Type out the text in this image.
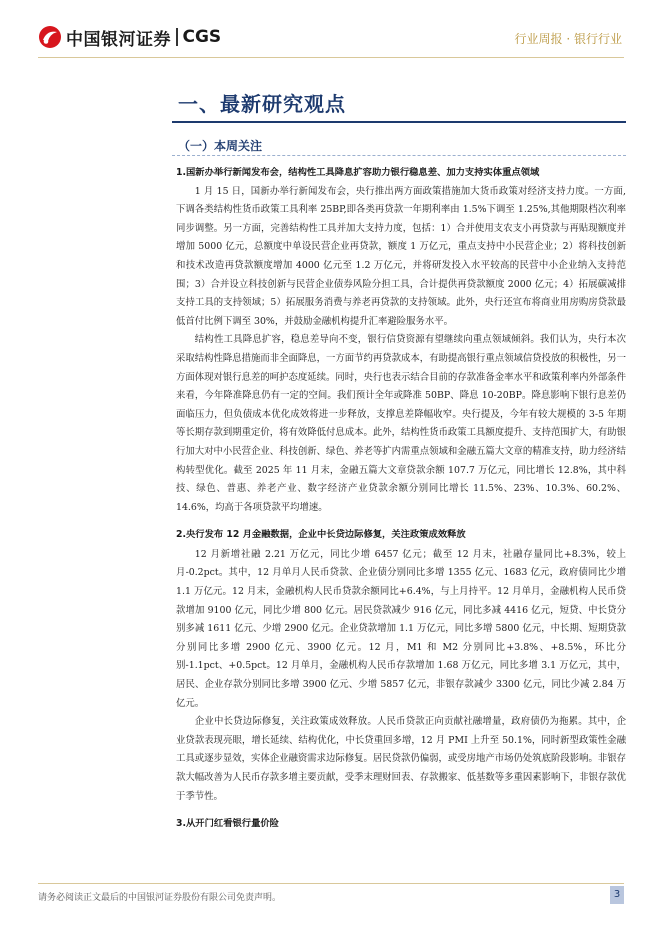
中国银河证券 CGS	行业周报 · 银行行业
一、最新研究观点
（一）本周关注
1.国新办举行新闻发布会，结构性工具降息扩容助力银行稳息差、加力支持实体重点领域

1 月 15 日，国新办举行新闻发布会，央行推出两方面政策措施加大货币政策对经济支持力度。一方面,下调各类结构性货币政策工具利率 25BP,即各类再贷款一年期利率由 1.5%下调至 1.25%,其他期限档次利率同步调整。另一方面，完善结构性工具并加大支持力度，包括：1）合并使用支农支小再贷款与再贴现额度并增加 5000 亿元，总额度中单设民营企业再贷款，额度 1 万亿元，重点支持中小民营企业；2）将科技创新和技术改造再贷款额度增加 4000 亿元至 1.2 万亿元，并将研发投入水平较高的民营中小企业纳入支持范围；3）合并设立科技创新与民营企业债券风险分担工具，合计提供再贷款额度 2000 亿元；4）拓展碳减排支持工具的支持领域；5）拓展服务消费与养老再贷款的支持领域。此外，央行还宣布将商业用房购房贷款最低首付比例下调至 30%，并鼓励金融机构提升汇率避险服务水平。

结构性工具降息扩容，稳息差导向不变，银行信贷资源有望继续向重点领域倾斜。我们认为，央行本次采取结构性降息措施而非全面降息，一方面节约再贷款成本，有助提高银行重点领域信贷投放的积极性，另一方面体现对银行息差的呵护态度延续。同时，央行也表示结合目前的存款准备金率水平和政策利率内外部条件来看，今年降准降息仍有一定的空间。我们预计全年或降准 50BP、降息 10-20BP。降息影响下银行息差仍面临压力，但负债成本优化成效将进一步释放，支撑息差降幅收窄。央行提及，今年有较大规模的 3-5 年期等长期存款到期重定价，将有效降低付息成本。此外，结构性货币政策工具额度提升、支持范围扩大，有助银行加大对中小民营企业、科技创新、绿色、养老等扩内需重点领域和金融五篇大文章的精准支持，助力经济结构转型优化。截至 2025 年 11 月末，金融五篇大文章贷款余额 107.7 万亿元，同比增长 12.8%，其中科技、绿色、普惠、养老产业、数字经济产业贷款余额分别同比增长 11.5%、23%、10.3%、60.2%、14.6%，均高于各项贷款平均增速。

2.央行发布 12 月金融数据，企业中长贷边际修复，关注政策成效释放

12 月新增社融 2.21 万亿元，同比少增 6457 亿元；截至 12 月末，社融存量同比+8.3%，较上月-0.2pct。其中，12 月单月人民币贷款、企业债分别同比多增 1355 亿元、1683 亿元，政府债同比少增 1.1 万亿元。12 月末，金融机构人民币贷款余额同比+6.4%，与上月持平。12 月单月，金融机构人民币贷款增加 9100 亿元，同比少增 800 亿元。居民贷款减少 916 亿元，同比多减 4416 亿元，短贷、中长贷分别多减 1611 亿元、少增 2900 亿元。企业贷款增加 1.1 万亿元，同比多增 5800 亿元，中长期、短期贷款分别同比多增 2900 亿元、3900 亿元。12 月，M1 和 M2 分别同比+3.8%、+8.5%，环比分别-1.1pct、+0.5pct。12 月单月，金融机构人民币存款增加 1.68 万亿元，同比多增 3.1 万亿元，其中，居民、企业存款分别同比多增 3900 亿元、少增 5857 亿元，非银存款减少 3300 亿元，同比少减 2.84 万亿元。

企业中长贷边际修复，关注政策成效释放。人民币贷款正向贡献社融增量，政府债仍为拖累。其中，企业贷款表现亮眼，增长延续、结构优化，中长贷重回多增，12 月 PMI 上升至 50.1%，同时新型政策性金融工具或逐步显效，实体企业融资需求边际修复。居民贷款仍偏弱，或受房地产市场仍处筑底阶段影响。非银存款大幅改善为人民币存款多增主要贡献，受季末理财回表、存款搬家、低基数等多重因素影响下，非银存款优于季节性。

3.从开门红看银行量价险
请务必阅读正文最后的中国银河证券股份有限公司免责声明。	3
